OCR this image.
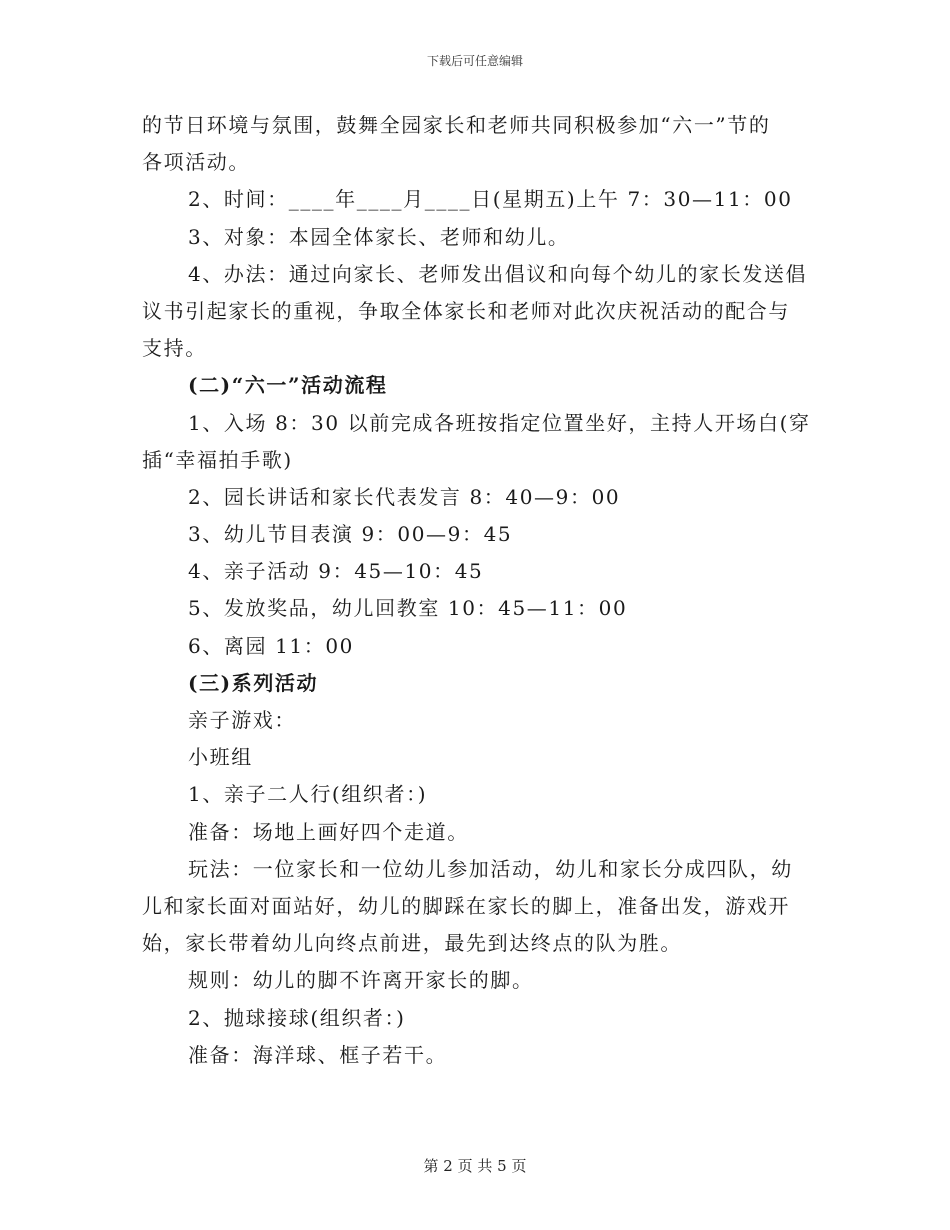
下载后可任意编辑
的节日环境与氛围，鼓舞全园家长和老师共同积极参加“六一”节的
各项活动。
2、时间：____年____月____日(星期五)上午 7：30—11：00
3、对象：本园全体家长、老师和幼儿。
4、办法：通过向家长、老师发出倡议和向每个幼儿的家长发送倡
议书引起家长的重视，争取全体家长和老师对此次庆祝活动的配合与
支持。
(二)“六一”活动流程
1、入场 8：30 以前完成各班按指定位置坐好，主持人开场白(穿
插“幸福拍手歌)
2、园长讲话和家长代表发言 8：40—9：00
3、幼儿节目表演 9：00—9：45
4、亲子活动 9：45—10：45
5、发放奖品，幼儿回教室 10：45—11：00
6、离园 11：00
(三)系列活动
亲子游戏：
小班组
1、亲子二人行(组织者：)
准备：场地上画好四个走道。
玩法：一位家长和一位幼儿参加活动，幼儿和家长分成四队，幼
儿和家长面对面站好，幼儿的脚踩在家长的脚上，准备出发，游戏开
始，家长带着幼儿向终点前进，最先到达终点的队为胜。
规则：幼儿的脚不许离开家长的脚。
2、抛球接球(组织者：)
准备：海洋球、框子若干。
第 2 页 共 5 页
